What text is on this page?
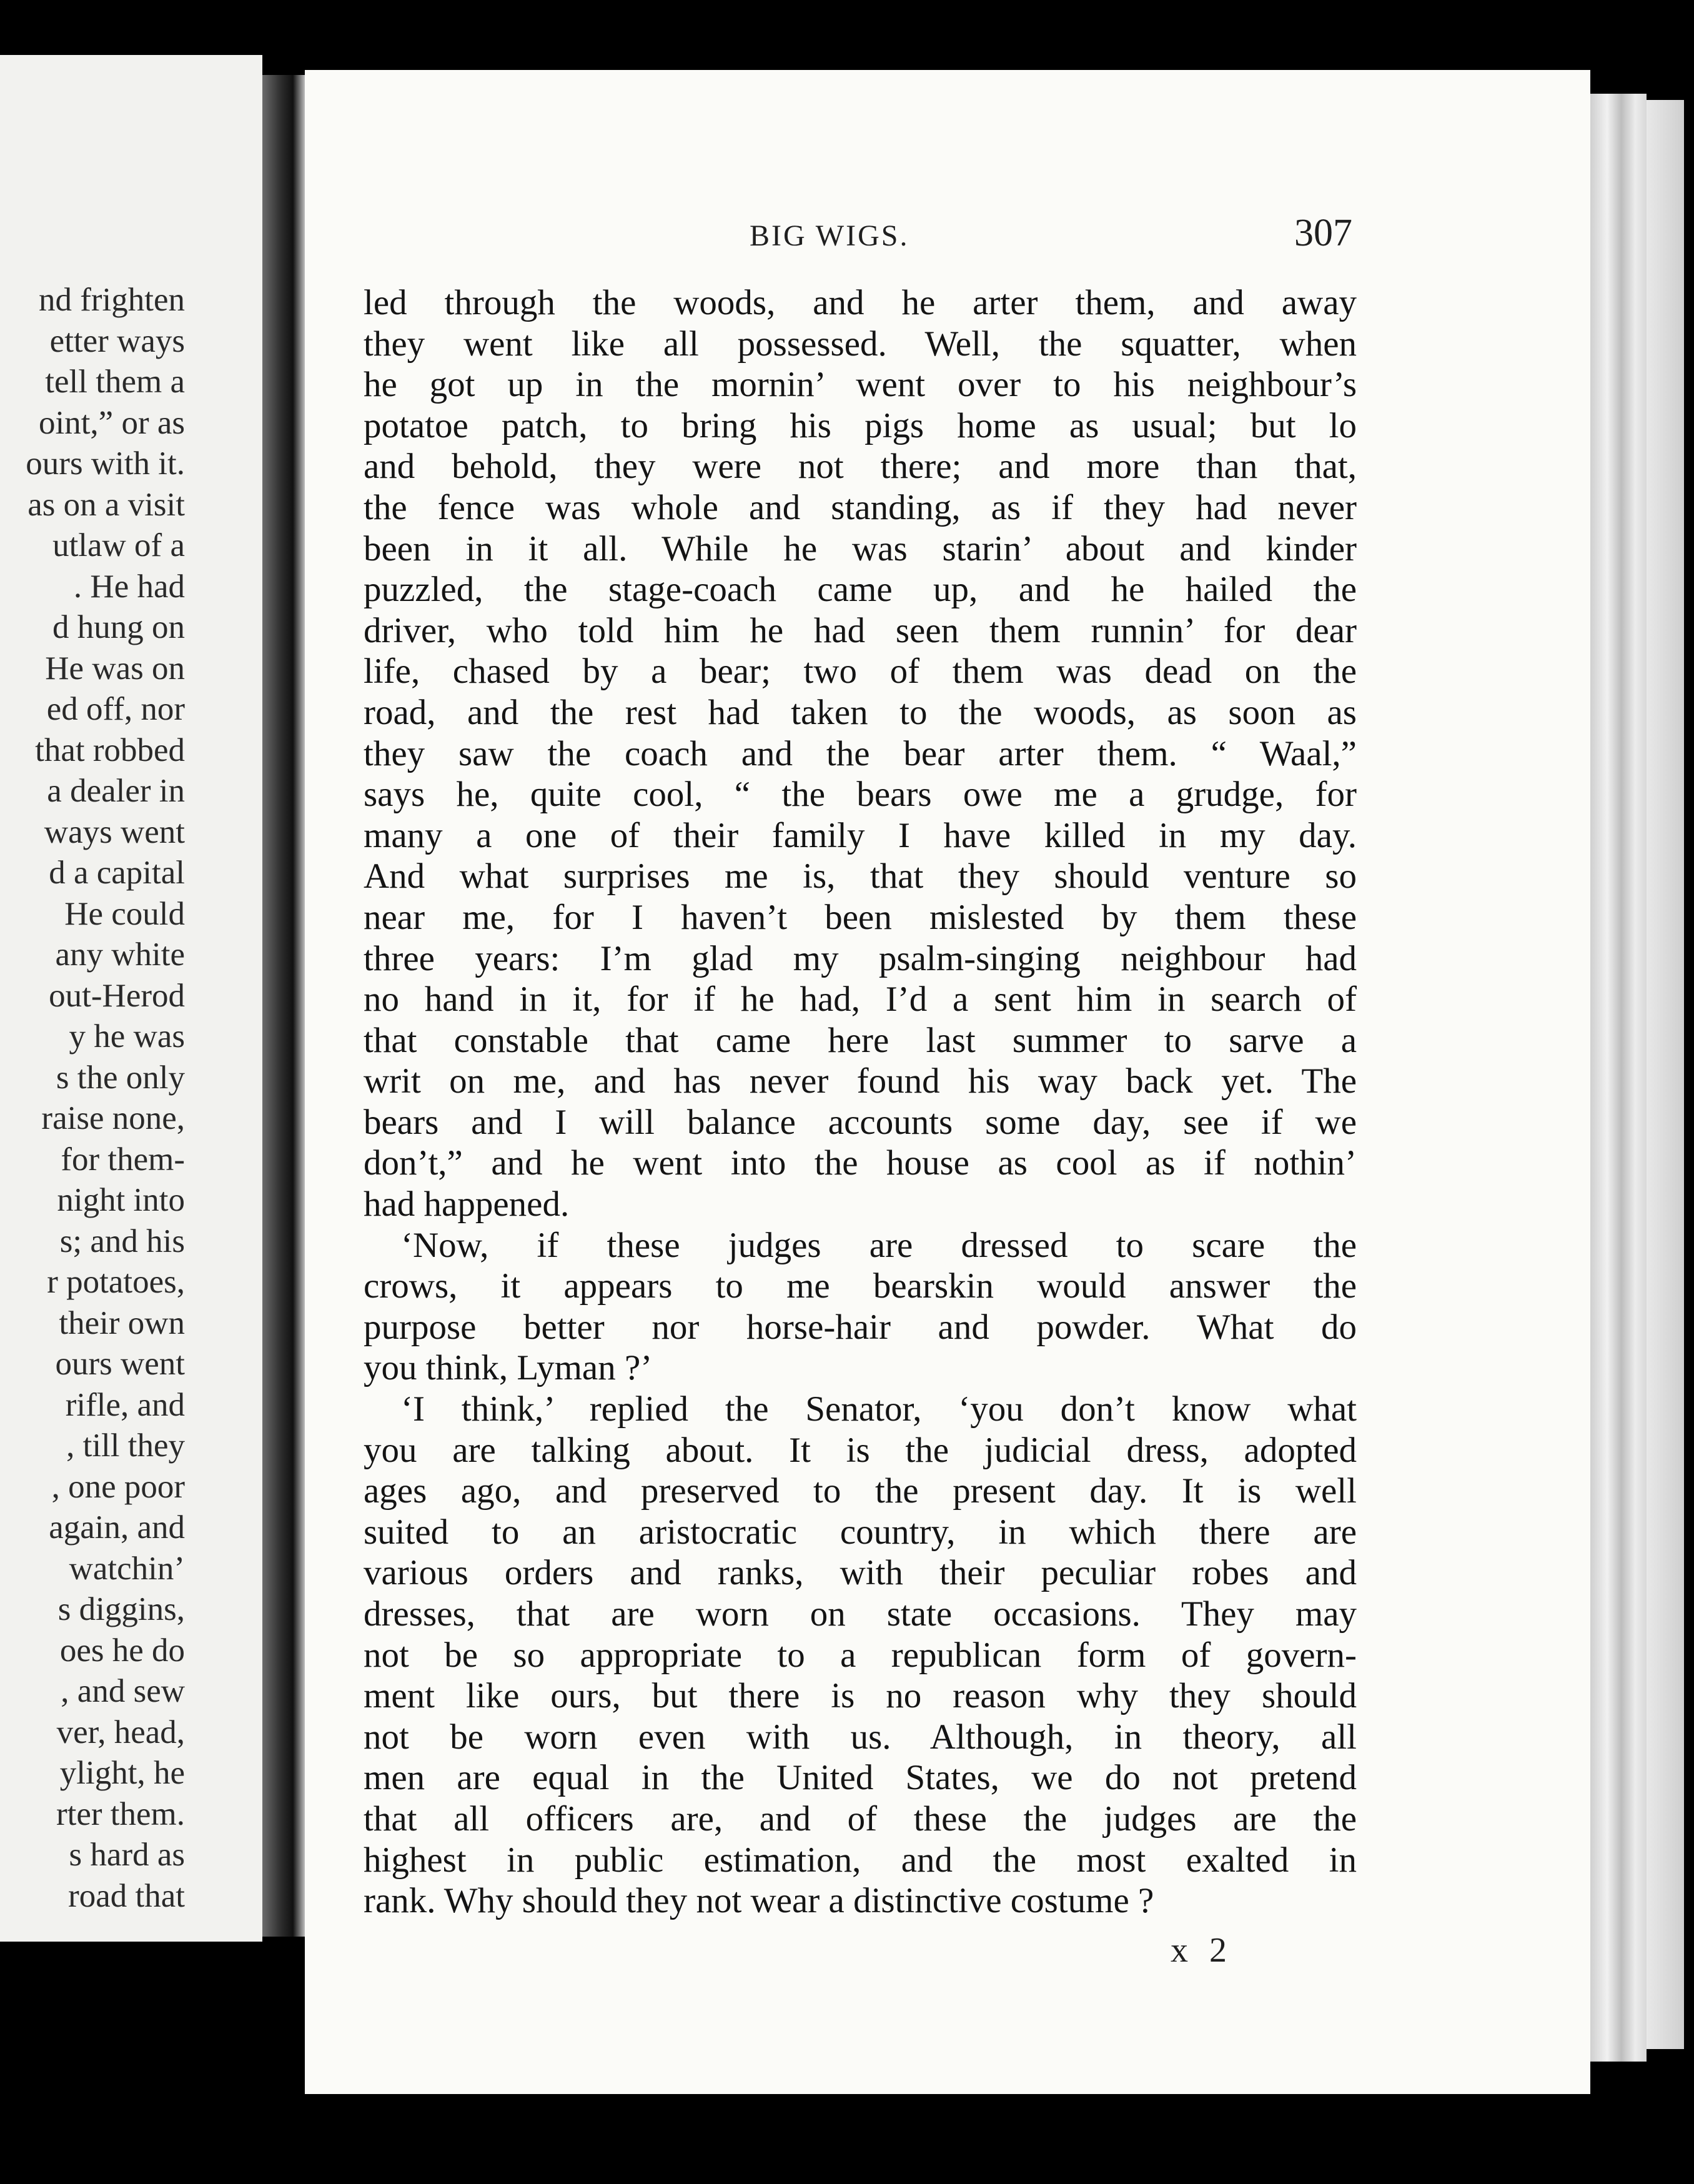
nd frighten
etter ways
tell them a
oint,” or as
ours with it.
as on a visit
utlaw of a
. He had
d hung on
He was on
ed off, nor
that robbed
a dealer in
ways went
d a capital
He could
any white
out-Herod
y he was
s the only
raise none,
for them-
night into
s; and his
r potatoes,
their own
ours went
rifle, and
, till they
, one poor
again, and
watchin’
s diggins,
oes he do
, and sew
ver, head,
ylight, he
rter them.
s hard as
road that
BIG WIGS.	307
led through the woods, and he arter them, and away
they went like all possessed. Well, the squatter, when
he got up in the mornin’ went over to his neighbour’s
potatoe patch, to bring his pigs home as usual; but lo
and behold, they were not there; and more than that,
the fence was whole and standing, as if they had never
been in it all. While he was starin’ about and kinder
puzzled, the stage-coach came up, and he hailed the
driver, who told him he had seen them runnin’ for dear
life, chased by a bear; two of them was dead on the
road, and the rest had taken to the woods, as soon as
they saw the coach and the bear arter them. “ Waal,”
says he, quite cool, “ the bears owe me a grudge, for
many a one of their family I have killed in my day.
And what surprises me is, that they should venture so
near me, for I haven’t been mislested by them these
three years: I’m glad my psalm-singing neighbour had
no hand in it, for if he had, I’d a sent him in search of
that constable that came here last summer to sarve a
writ on me, and has never found his way back yet. The
bears and I will balance accounts some day, see if we
don’t,” and he went into the house as cool as if nothin’
had happened.
‘Now, if these judges are dressed to scare the
crows, it appears to me bearskin would answer the
purpose better nor horse-hair and powder. What do
you think, Lyman ?’
‘I think,’ replied the Senator, ‘you don’t know what
you are talking about. It is the judicial dress, adopted
ages ago, and preserved to the present day. It is well
suited to an aristocratic country, in which there are
various orders and ranks, with their peculiar robes and
dresses, that are worn on state occasions. They may
not be so appropriate to a republican form of govern-
ment like ours, but there is no reason why they should
not be worn even with us. Although, in theory, all
men are equal in the United States, we do not pretend
that all officers are, and of these the judges are the
highest in public estimation, and the most exalted in
rank. Why should they not wear a distinctive costume ?
x 2
